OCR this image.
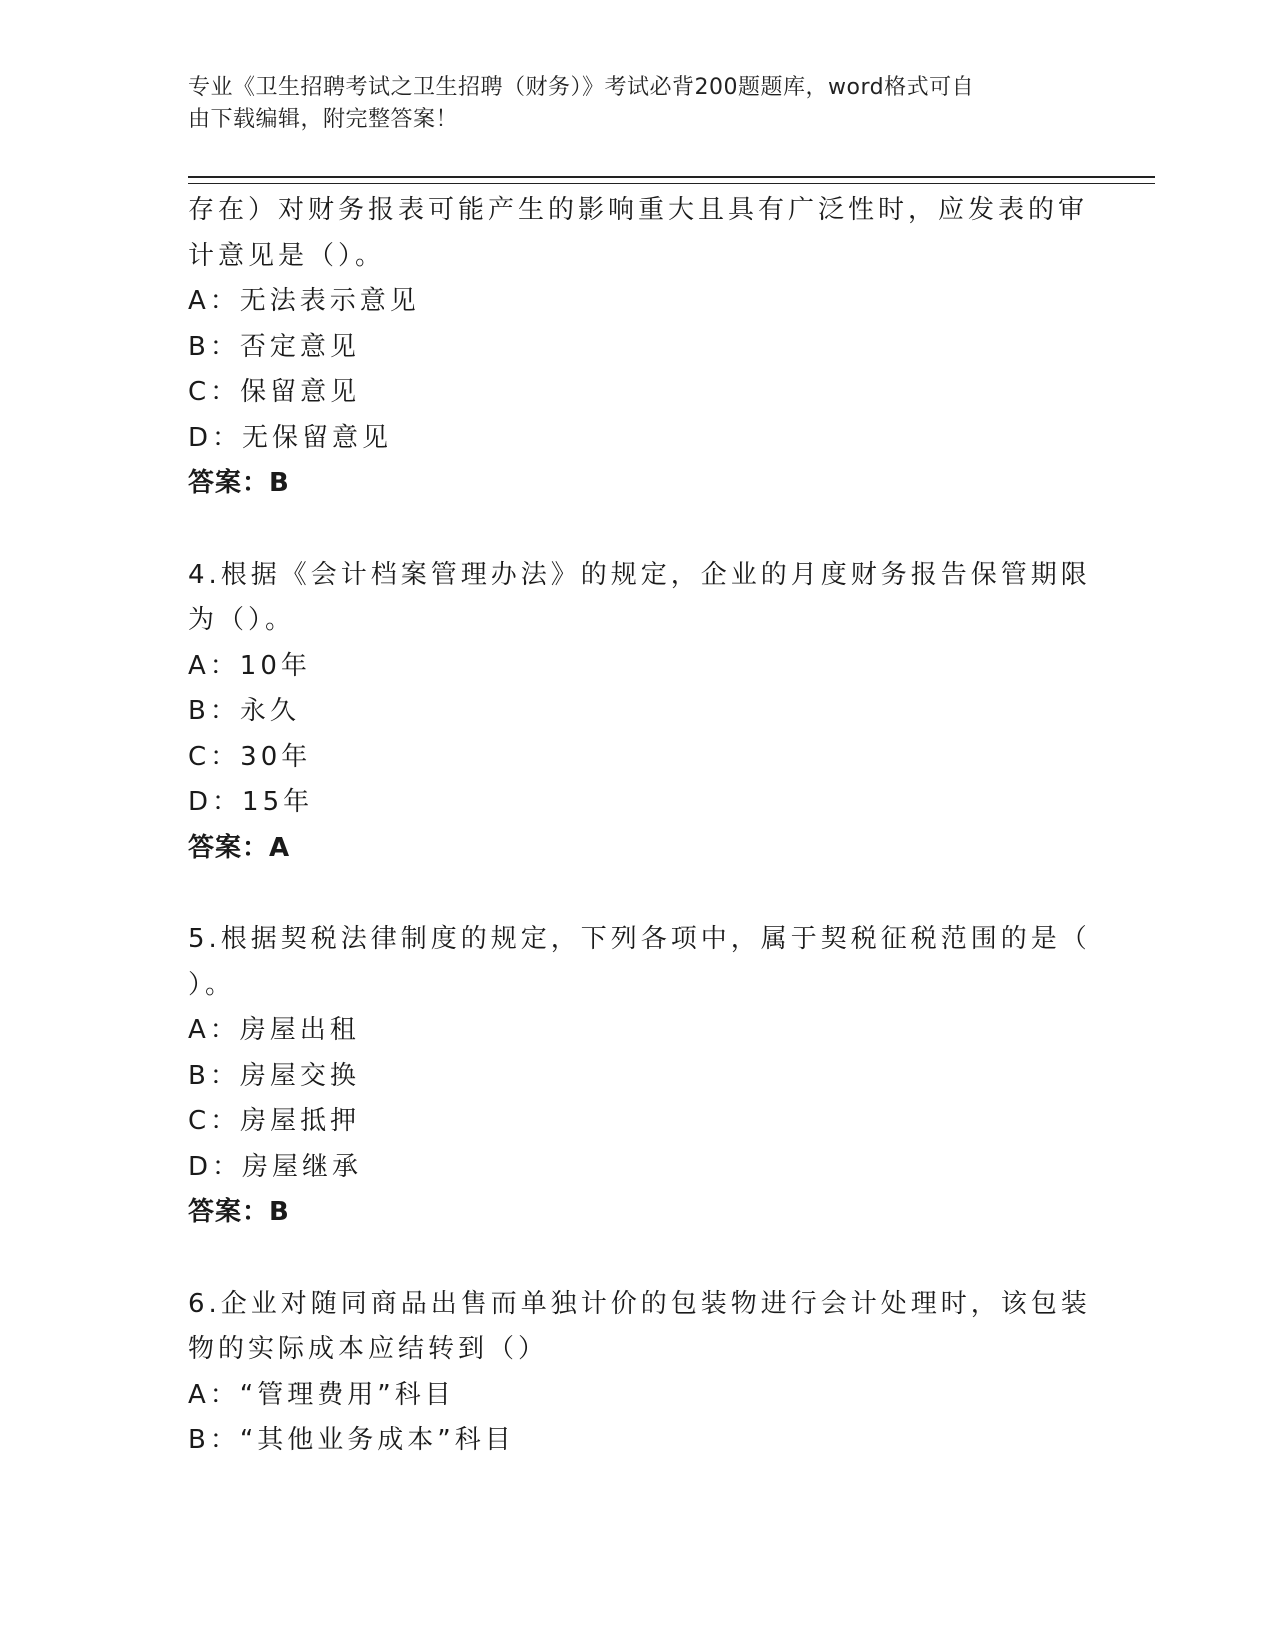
专业《卫生招聘考试之卫生招聘（财务）》考试必背200题题库，word格式可自
由下载编辑，附完整答案！
存在）对财务报表可能产生的影响重大且具有广泛性时，应发表的审
计意见是（）。
A：无法表示意见
B：否定意见
C：保留意见
D：无保留意见
答案：B
4.根据《会计档案管理办法》的规定，企业的月度财务报告保管期限
为（）。
A：10年
B：永久
C：30年
D：15年
答案：A
5.根据契税法律制度的规定，下列各项中，属于契税征税范围的是（
）。
A：房屋出租
B：房屋交换
C：房屋抵押
D：房屋继承
答案：B
6.企业对随同商品出售而单独计价的包装物进行会计处理时，该包装
物的实际成本应结转到（）
A：“管理费用”科目
B：“其他业务成本”科目
